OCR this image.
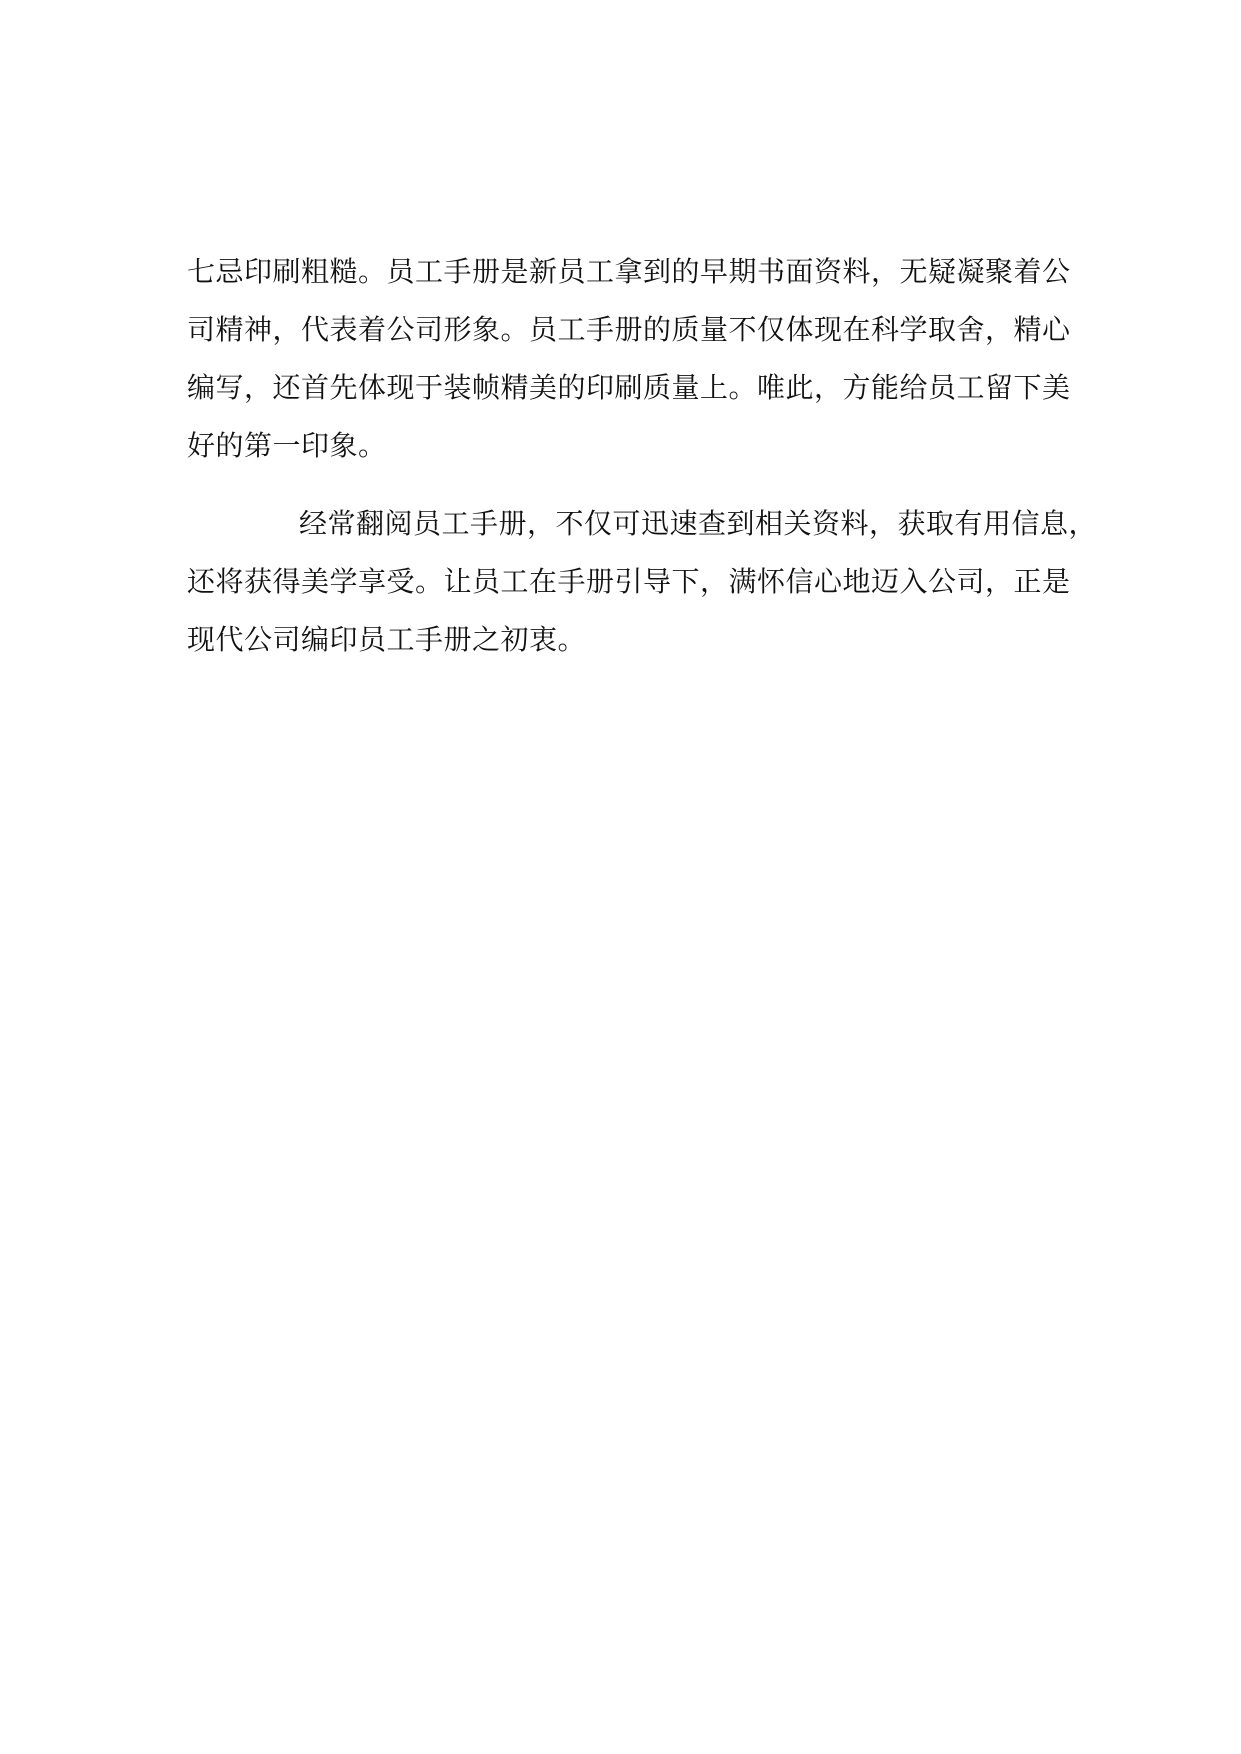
七忌印刷粗糙。员工手册是新员工拿到的早期书面资料，无疑凝聚着公
司精神，代表着公司形象。员工手册的质量不仅体现在科学取舍，精心
编写，还首先体现于装帧精美的印刷质量上。唯此，方能给员工留下美
好的第一印象。
经常翻阅员工手册，不仅可迅速查到相关资料，获取有用信息，
还将获得美学享受。让员工在手册引导下，满怀信心地迈入公司，正是
现代公司编印员工手册之初衷。
